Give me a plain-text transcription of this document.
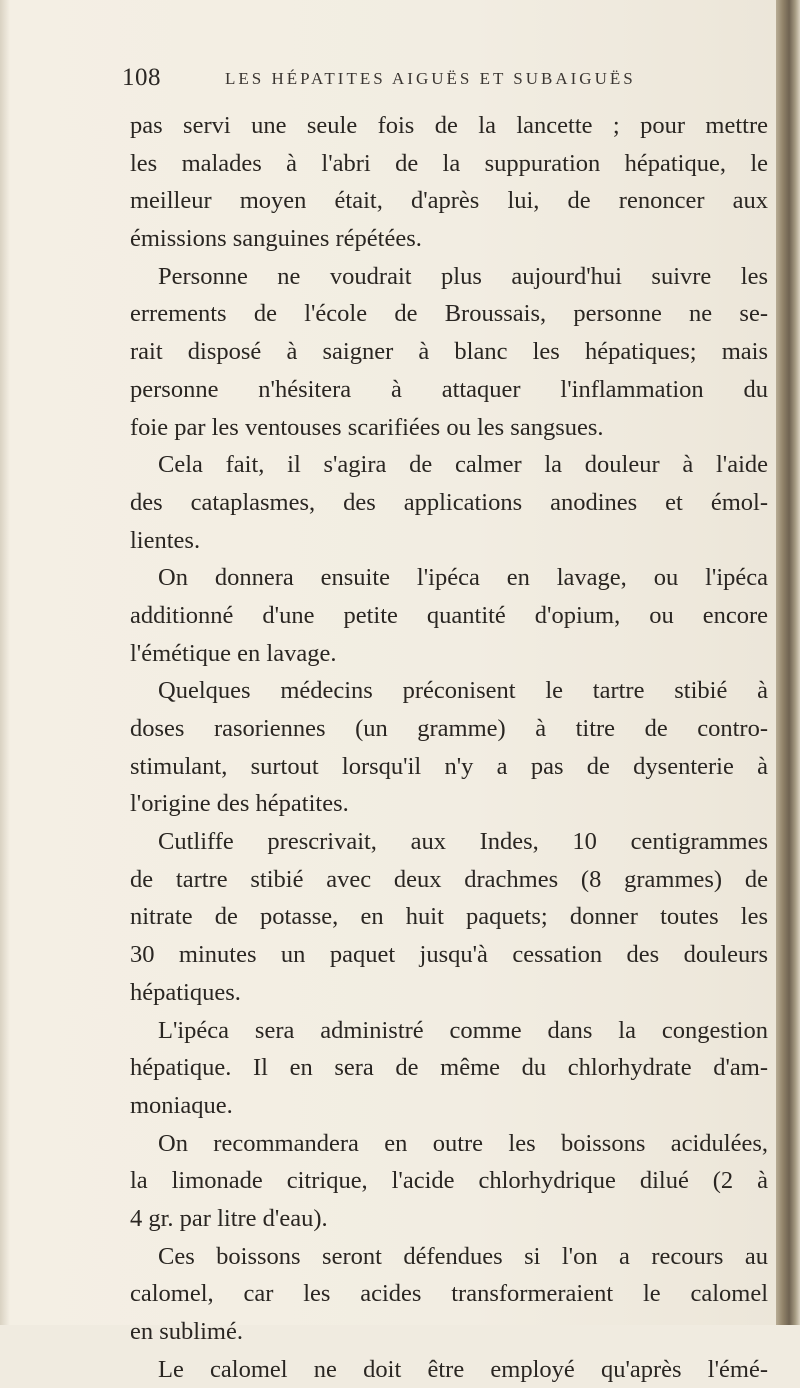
108	LES HÉPATITES AIGUËS ET SUBAIGUËS
pas servi une seule fois de la lancette ; pour mettre
les malades à l'abri de la suppuration hépatique, le
meilleur moyen était, d'après lui, de renoncer aux
émissions sanguines répétées.
Personne ne voudrait plus aujourd'hui suivre les
errements de l'école de Broussais, personne ne se-
rait disposé à saigner à blanc les hépatiques; mais
personne n'hésitera à attaquer l'inflammation du
foie par les ventouses scarifiées ou les sangsues.
Cela fait, il s'agira de calmer la douleur à l'aide
des cataplasmes, des applications anodines et émol-
lientes.
On donnera ensuite l'ipéca en lavage, ou l'ipéca
additionné d'une petite quantité d'opium, ou encore
l'émétique en lavage.
Quelques médecins préconisent le tartre stibié à
doses rasoriennes (un gramme) à titre de contro-
stimulant, surtout lorsqu'il n'y a pas de dysenterie à
l'origine des hépatites.
Cutliffe prescrivait, aux Indes, 10 centigrammes
de tartre stibié avec deux drachmes (8 grammes) de
nitrate de potasse, en huit paquets; donner toutes les
30 minutes un paquet jusqu'à cessation des douleurs
hépatiques.
L'ipéca sera administré comme dans la congestion
hépatique. Il en sera de même du chlorhydrate d'am-
moniaque.
On recommandera en outre les boissons acidulées,
la limonade citrique, l'acide chlorhydrique dilué (2 à
4 gr. par litre d'eau).
Ces boissons seront défendues si l'on a recours au
calomel, car les acides transformeraient le calomel
en sublimé.
Le calomel ne doit être employé qu'après l'émé-
